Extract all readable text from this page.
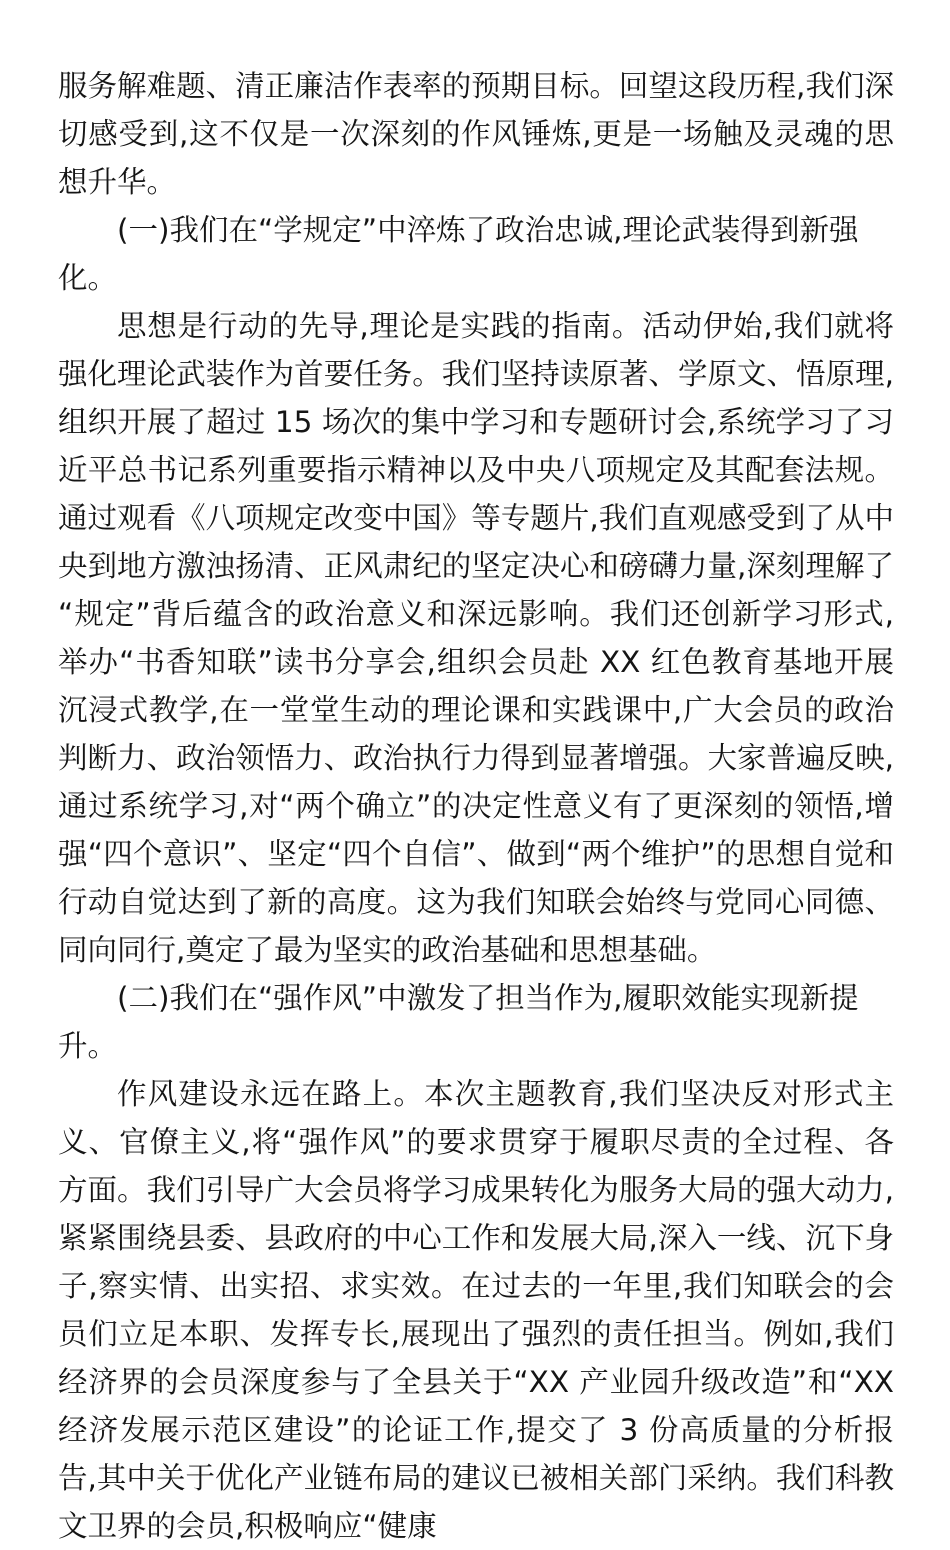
服务解难题、清正廉洁作表率的预期目标。回望这段历程,我们深切感受到,这不仅是一次深刻的作风锤炼,更是一场触及灵魂的思想升华。

(一)我们在“学规定”中淬炼了政治忠诚,理论武装得到新强化。

思想是行动的先导,理论是实践的指南。活动伊始,我们就将强化理论武装作为首要任务。我们坚持读原著、学原文、悟原理,组织开展了超过 15 场次的集中学习和专题研讨会,系统学习了习近平总书记系列重要指示精神以及中央八项规定及其配套法规。通过观看《八项规定改变中国》等专题片,我们直观感受到了从中央到地方激浊扬清、正风肃纪的坚定决心和磅礴力量,深刻理解了“规定”背后蕴含的政治意义和深远影响。我们还创新学习形式,举办“书香知联”读书分享会,组织会员赴 XX 红色教育基地开展沉浸式教学,在一堂堂生动的理论课和实践课中,广大会员的政治判断力、政治领悟力、政治执行力得到显著增强。大家普遍反映,通过系统学习,对“两个确立”的决定性意义有了更深刻的领悟,增强“四个意识”、坚定“四个自信”、做到“两个维护”的思想自觉和行动自觉达到了新的高度。这为我们知联会始终与党同心同德、同向同行,奠定了最为坚实的政治基础和思想基础。

(二)我们在“强作风”中激发了担当作为,履职效能实现新提升。

作风建设永远在路上。本次主题教育,我们坚决反对形式主义、官僚主义,将“强作风”的要求贯穿于履职尽责的全过程、各方面。我们引导广大会员将学习成果转化为服务大局的强大动力,紧紧围绕县委、县政府的中心工作和发展大局,深入一线、沉下身子,察实情、出实招、求实效。在过去的一年里,我们知联会的会员们立足本职、发挥专长,展现出了强烈的责任担当。例如,我们经济界的会员深度参与了全县关于“XX 产业园升级改造”和“XX 经济发展示范区建设”的论证工作,提交了 3 份高质量的分析报告,其中关于优化产业链布局的建议已被相关部门采纳。我们科教文卫界的会员,积极响应“健康
